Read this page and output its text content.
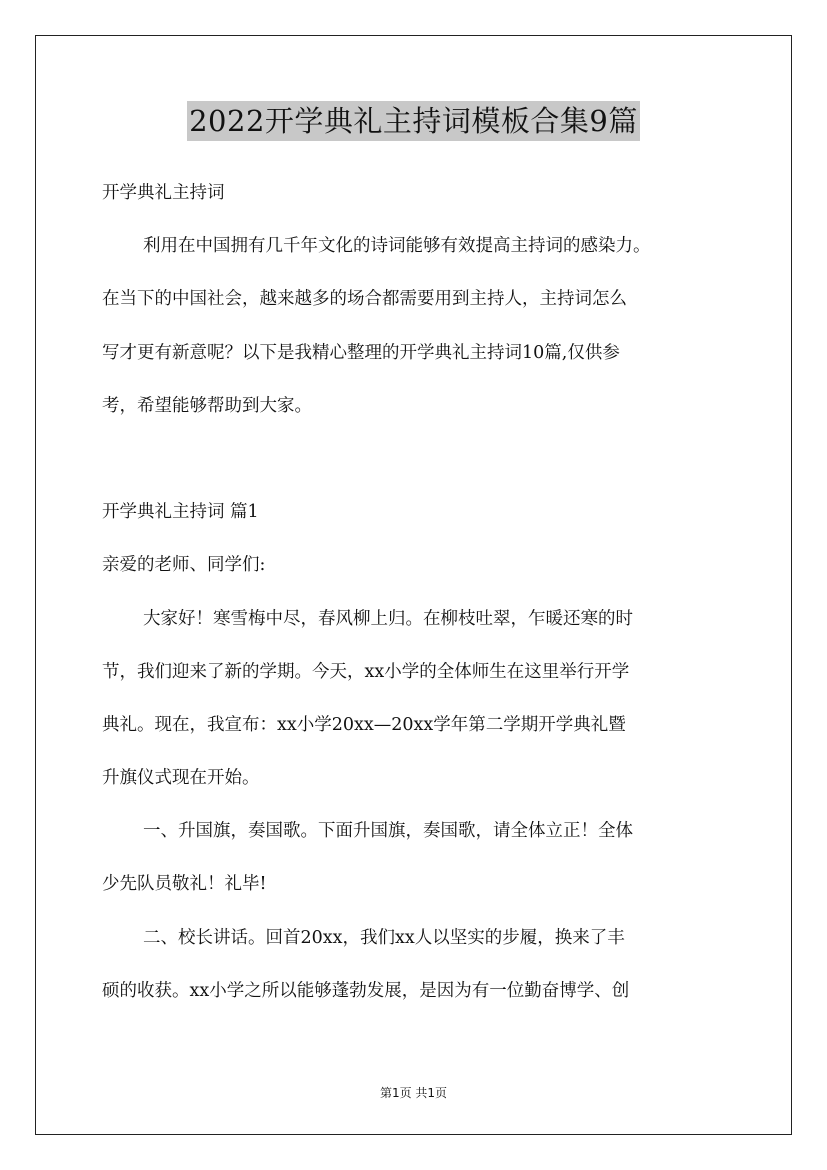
2022开学典礼主持词模板合集9篇

开学典礼主持词

利用在中国拥有几千年文化的诗词能够有效提高主持词的感染力。

在当下的中国社会，越来越多的场合都需要用到主持人，主持词怎么

写才更有新意呢？以下是我精心整理的开学典礼主持词10篇,仅供参

考，希望能够帮助到大家。

开学典礼主持词 篇1

亲爱的老师、同学们:

大家好！寒雪梅中尽，春风柳上归。在柳枝吐翠，乍暖还寒的时

节，我们迎来了新的学期。今天，xx小学的全体师生在这里举行开学

典礼。现在，我宣布：xx小学20xx—20xx学年第二学期开学典礼暨

升旗仪式现在开始。

一、升国旗，奏国歌。下面升国旗，奏国歌，请全体立正！全体

少先队员敬礼！礼毕!

二、校长讲话。回首20xx，我们xx人以坚实的步履，换来了丰

硕的收获。xx小学之所以能够蓬勃发展，是因为有一位勤奋博学、创

第1页 共1页
